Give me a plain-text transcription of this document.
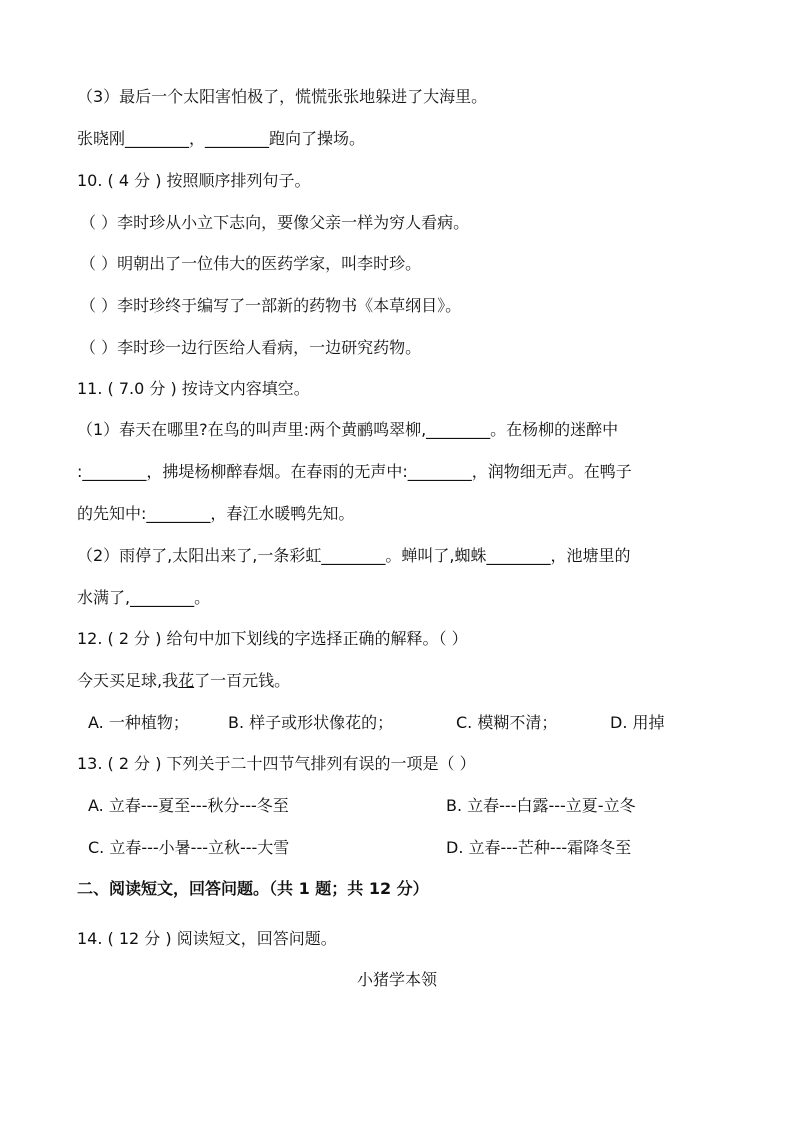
（3）最后一个太阳害怕极了，慌慌张张地躲进了大海里。
张晓刚________，________跑向了操场。
10. ( 4 分 ) 按照顺序排列句子。
（ ）李时珍从小立下志向，要像父亲一样为穷人看病。
（ ）明朝出了一位伟大的医药学家，叫李时珍。
（ ）李时珍终于编写了一部新的药物书《本草纲目》。
（ ）李时珍一边行医给人看病，一边研究药物。
11. ( 7.0 分 ) 按诗文内容填空。
（1）春天在哪里?在鸟的叫声里:两个黄鹂鸣翠柳,________。在杨柳的迷醉中
:________，拂堤杨柳醉春烟。在春雨的无声中:________，润物细无声。在鸭子
的先知中:________，春江水暖鸭先知。
（2）雨停了,太阳出来了,一条彩虹________。蝉叫了,蜘蛛________，池塘里的
水满了,________。
12. ( 2 分 ) 给句中加下划线的字选择正确的解释。（ ）
今天买足球,我花了一百元钱。
A. 一种植物； B. 样子或形状像花的；	C. 模糊不清；	D. 用掉
13. ( 2 分 ) 下列关于二十四节气排列有误的一项是（ ）
A. 立春---夏至---秋分---冬至	B. 立春---白露---立夏-立冬
C. 立春---小暑---立秋---大雪	D. 立春---芒种---霜降冬至
二、阅读短文，回答问题。（共 1 题；共 12 分）
14. ( 12 分 ) 阅读短文，回答问题。
小猪学本领
